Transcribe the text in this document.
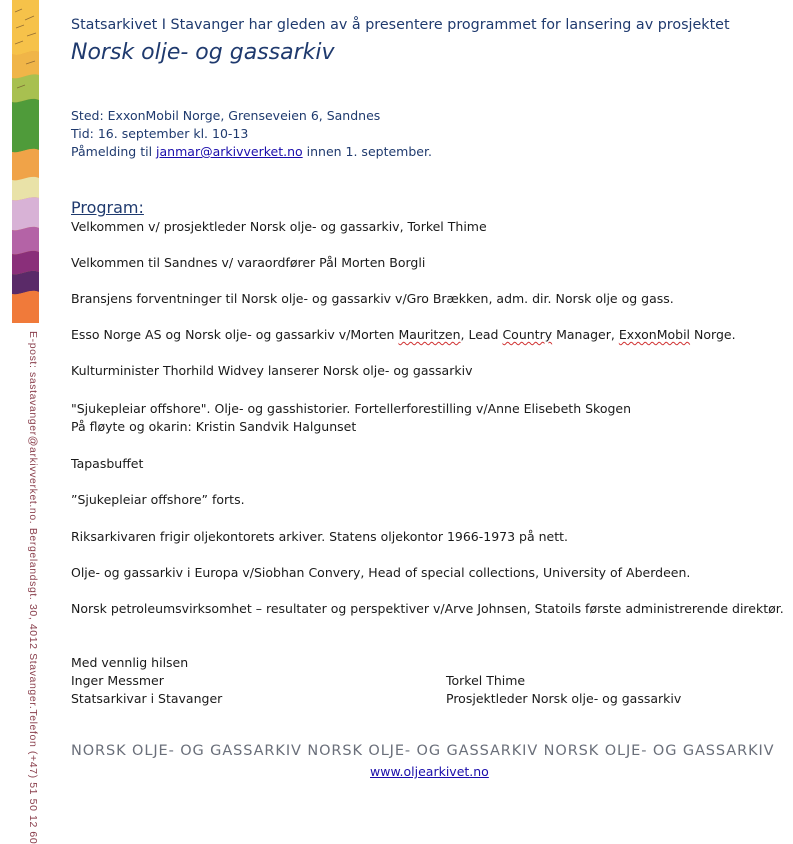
E-post: sastavanger@arkivverket.no. Bergelandsgt. 30, 4012 Stavanger.Telefon (+47) 51 50 12 60
Statsarkivet I Stavanger har gleden av å presentere programmet for lansering av prosjektet
Norsk olje- og gassarkiv
Sted: ExxonMobil Norge, Grenseveien 6, Sandnes
Tid: 16. september kl. 10-13
Påmelding til janmar@arkivverket.no innen 1. september.
Program:
Velkommen v/ prosjektleder Norsk olje- og gassarkiv, Torkel Thime
Velkommen til Sandnes v/ varaordfører Pål Morten Borgli
Bransjens forventninger til Norsk olje- og gassarkiv v/Gro Brækken, adm. dir. Norsk olje og gass.
Esso Norge AS og Norsk olje- og gassarkiv v/Morten Mauritzen, Lead Country Manager, ExxonMobil Norge.
Kulturminister Thorhild Widvey lanserer Norsk olje- og gassarkiv
"Sjukepleiar offshore". Olje- og gasshistorier. Fortellerforestilling v/Anne Elisebeth Skogen
På fløyte og okarin: Kristin Sandvik Halgunset
Tapasbuffet
”Sjukepleiar offshore” forts.
Riksarkivaren frigir oljekontorets arkiver. Statens oljekontor 1966-1973 på nett.
Olje- og gassarkiv i Europa v/Siobhan Convery, Head of special collections, University of Aberdeen.
Norsk petroleumsvirksomhet – resultater og perspektiver v/Arve Johnsen, Statoils første administrerende direktør.
Med vennlig hilsen
Inger Messmer
Statsarkivar i Stavanger
Torkel Thime
Prosjektleder Norsk olje- og gassarkiv
NORSK OLJE- OG GASSARKIV NORSK OLJE- OG GASSARKIV NORSK OLJE- OG GASSARKIV
www.oljearkivet.no
